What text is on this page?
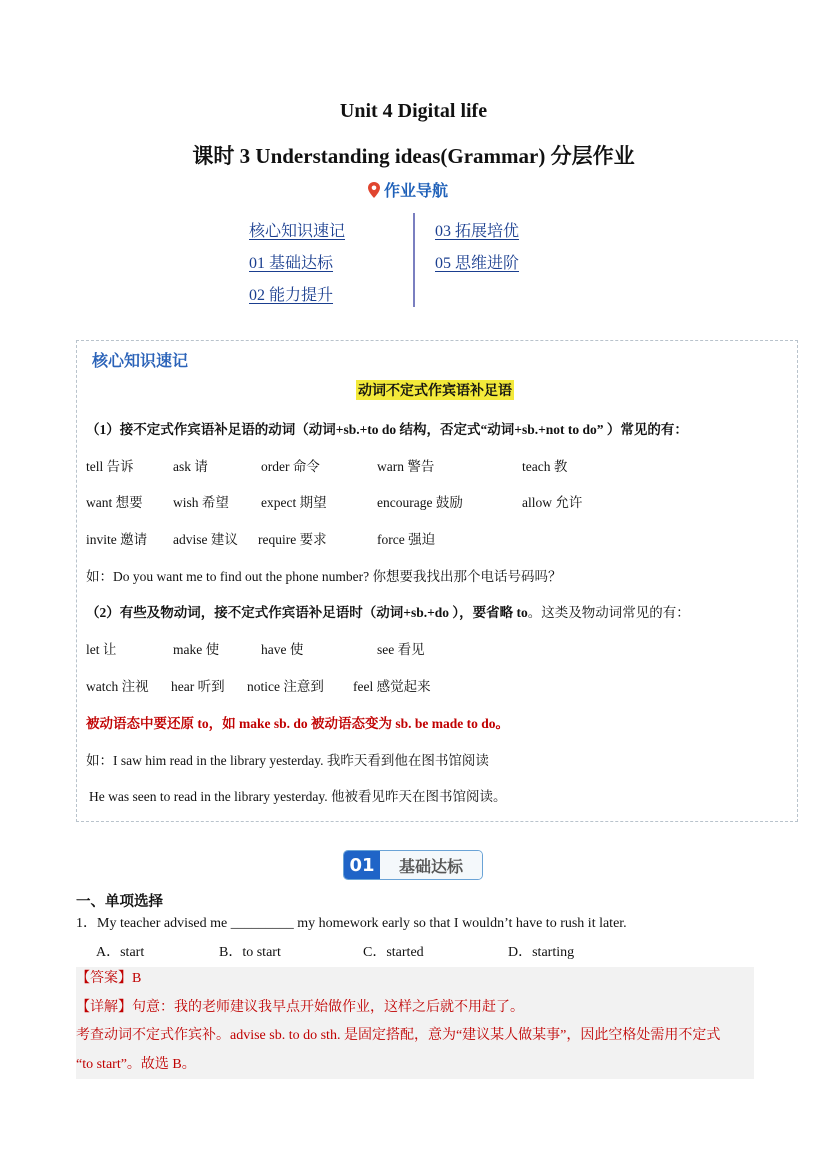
Unit 4 Digital life
课时 3 Understanding ideas(Grammar) 分层作业
作业导航
核心知识速记
01 基础达标
02 能力提升
03 拓展培优
05 思维进阶
核心知识速记
动词不定式作宾语补足语
（1）接不定式作宾语补足语的动词（动词+sb.+to do 结构，否定式“动词+sb.+not to do” ）常见的有：
tell 告诉	ask 请	order 命令	warn 警告	teach 教
want 想要 wish 希望 expect 期望	encourage 鼓励	allow 允许
invite 邀请 advise 建议 require 要求	force 强迫
如：Do you want me to find out the phone number? 你想要我找出那个电话号码吗？
（2）有些及物动词，接不定式作宾语补足语时（动词+sb.+do ），要省略 to。这类及物动词常见的有：
let 让	make 使	have 使	see 看见
watch 注视 hear 听到 notice 注意到 feel 感觉起来
被动语态中要还原 to，如 make sb. do 被动语态变为 sb. be made to do。
如：I saw him read in the library yesterday. 我昨天看到他在图书馆阅读
He was seen to read in the library yesterday. 他被看见昨天在图书馆阅读。
01	基础达标
一、单项选择
1．My teacher advised me _________ my homework early so that I wouldn’t have to rush it later.
A．start	B．to start	C．started	D．starting
【答案】B
【详解】句意：我的老师建议我早点开始做作业，这样之后就不用赶了。
考查动词不定式作宾补。advise sb. to do sth. 是固定搭配，意为“建议某人做某事”，因此空格处需用不定式
“to start”。故选 B。
